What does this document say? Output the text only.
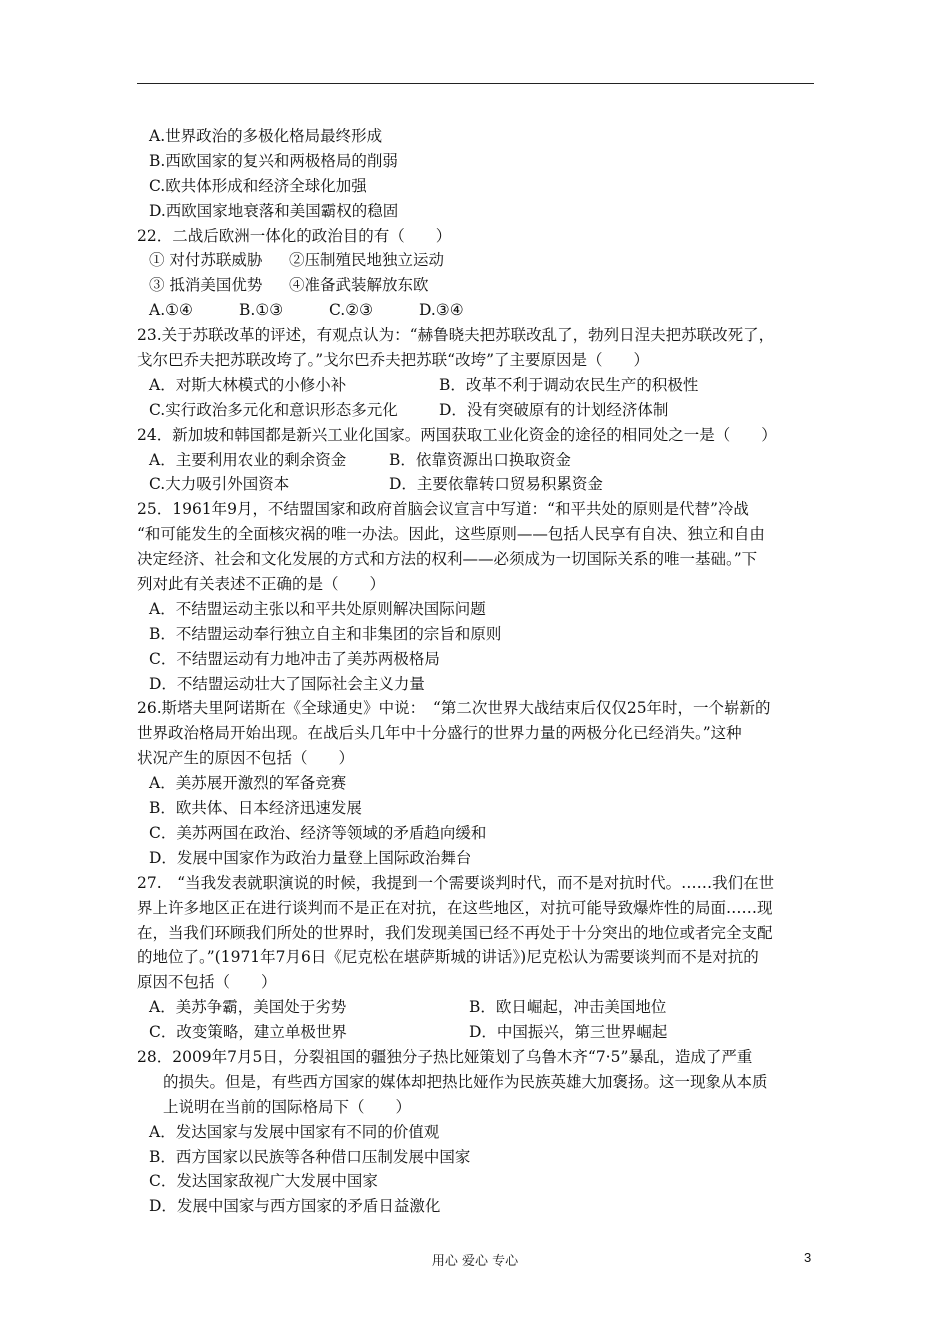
A.世界政治的多极化格局最终形成
B.西欧国家的复兴和两极格局的削弱
C.欧共体形成和经济全球化加强
D.西欧国家地衰落和美国霸权的稳固
22．二战后欧洲一体化的政治目的有（　　）
① 对付苏联威胁 ②压制殖民地独立运动
③ 抵消美国优势 ④准备武装解放东欧
A.①④	B.①③	C.②③	D.③④
23.关于苏联改革的评述，有观点认为：“赫鲁晓夫把苏联改乱了，勃列日涅夫把苏联改死了，
戈尔巴乔夫把苏联改垮了。”戈尔巴乔夫把苏联“改垮”了主要原因是（　　）
A．对斯大林模式的小修小补	B．改革不利于调动农民生产的积极性
C.实行政治多元化和意识形态多元化	D．没有突破原有的计划经济体制
24．新加坡和韩国都是新兴工业化国家。两国获取工业化资金的途径的相同处之一是（　　）
A．主要利用农业的剩余资金	B．依靠资源出口换取资金
C.大力吸引外国资本	D．主要依靠转口贸易积累资金
25．1961年9月，不结盟国家和政府首脑会议宣言中写道：“和平共处的原则是代替”冷战
“和可能发生的全面核灾祸的唯一办法。因此，这些原则——包括人民享有自决、独立和自由
决定经济、社会和文化发展的方式和方法的权利——必须成为一切国际关系的唯一基础。”下
列对此有关表述不正确的是（　　）
A．不结盟运动主张以和平共处原则解决国际问题
B．不结盟运动奉行独立自主和非集团的宗旨和原则
C．不结盟运动有力地冲击了美苏两极格局
D．不结盟运动壮大了国际社会主义力量
26.斯塔夫里阿诺斯在《全球通史》中说：　“第二次世界大战结束后仅仅25年时，一个崭新的
世界政治格局开始出现。在战后头几年中十分盛行的世界力量的两极分化已经消失。”这种
状况产生的原因不包括（　　）
A．美苏展开激烈的军备竞赛
B．欧共体、日本经济迅速发展
C．美苏两国在政治、经济等领域的矛盾趋向缓和
D．发展中国家作为政治力量登上国际政治舞台
27.　“当我发表就职演说的时候，我提到一个需要谈判时代，而不是对抗时代。……我们在世
界上许多地区正在进行谈判而不是正在对抗，在这些地区，对抗可能导致爆炸性的局面……现
在，当我们环顾我们所处的世界时，我们发现美国已经不再处于十分突出的地位或者完全支配
的地位了。”(1971年7月6日《尼克松在堪萨斯城的讲话》)尼克松认为需要谈判而不是对抗的
原因不包括（　　）
A．美苏争霸，美国处于劣势	B．欧日崛起，冲击美国地位
C．改变策略，建立单极世界	D．中国振兴，第三世界崛起
28．2009年7月5日，分裂祖国的疆独分子热比娅策划了乌鲁木齐“7·5”暴乱，造成了严重
的损失。但是，有些西方国家的媒体却把热比娅作为民族英雄大加褒扬。这一现象从本质
上说明在当前的国际格局下（　　）
A．发达国家与发展中国家有不同的价值观
B．西方国家以民族等各种借口压制发展中国家
C．发达国家敌视广大发展中国家
D．发展中国家与西方国家的矛盾日益激化
用心 爱心 专心	3
